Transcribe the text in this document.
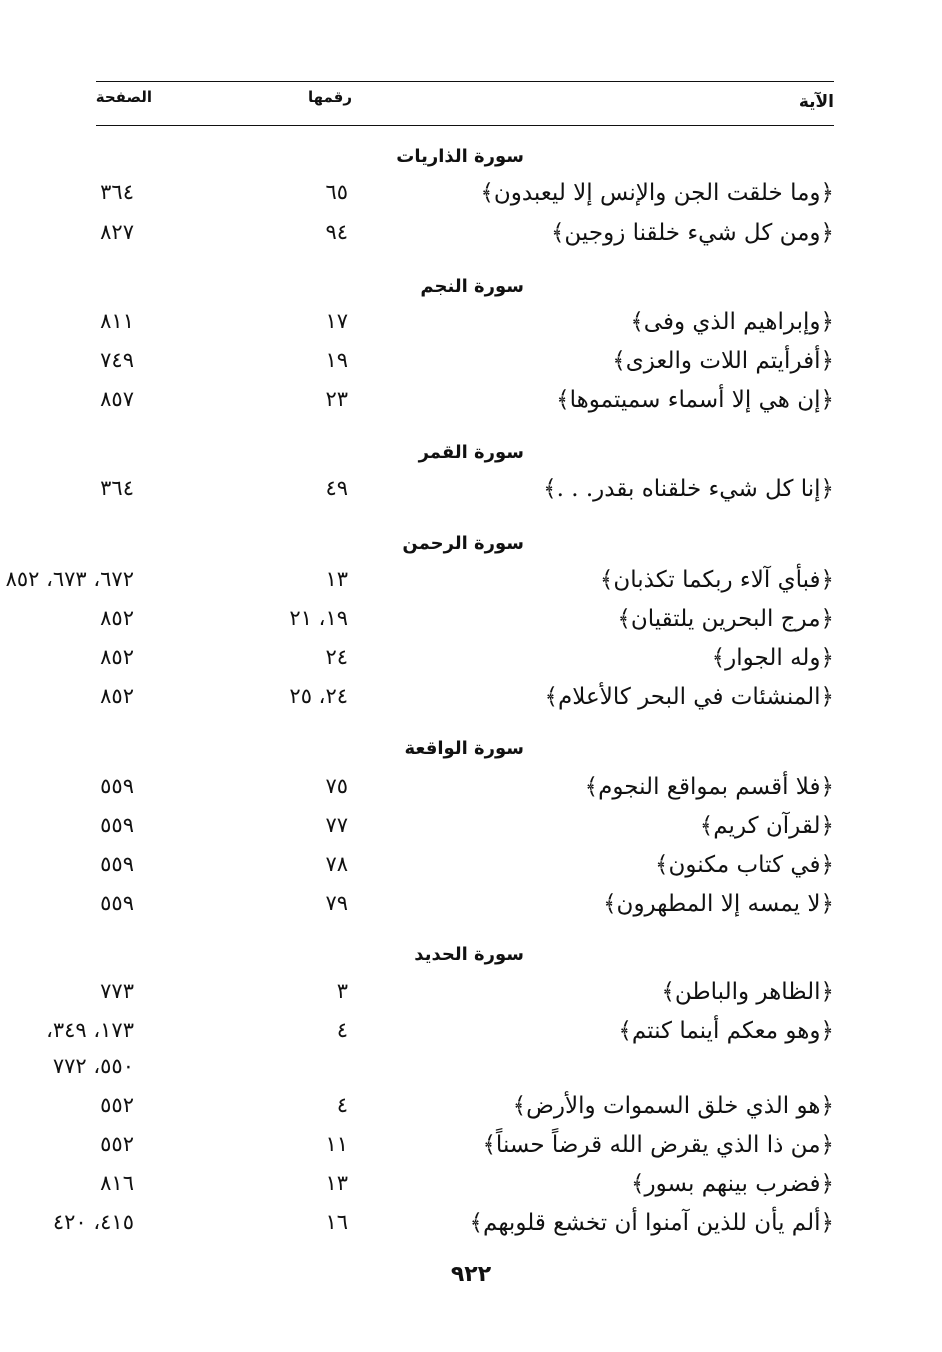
الآية
رقمها
الصفحة
سورة الذاريات
﴿وما خلقت الجن والإنس إلا ليعبدون﴾
٦٥
٣٦٤
﴿ومن كل شيء خلقنا زوجين﴾
٩٤
٨٢٧
سورة النجم
﴿وإبراهيم الذي وفى﴾
١٧
٨١١
﴿أفرأيتم اللات والعزى﴾
١٩
٧٤٩
﴿إن هي إلا أسماء سميتموها﴾
٢٣
٨٥٧
سورة القمر
﴿إنا كل شيء خلقناه بقدر. . .﴾
٤٩
٣٦٤
سورة الرحمن
﴿فبأي آلاء ربكما تكذبان﴾
١٣
٦٧٢، ٦٧٣، ٨٥٢
﴿مرج البحرين يلتقيان﴾
١٩، ٢١
٨٥٢
﴿وله الجوار﴾
٢٤
٨٥٢
﴿المنشئات في البحر كالأعلام﴾
٢٤، ٢٥
٨٥٢
سورة الواقعة
﴿فلا أقسم بمواقع النجوم﴾
٧٥
٥٥٩
﴿لقرآن كريم﴾
٧٧
٥٥٩
﴿في كتاب مكنون﴾
٧٨
٥٥٩
﴿لا يمسه إلا المطهرون﴾
٧٩
٥٥٩
سورة الحديد
﴿الظاهر والباطن﴾
٣
٧٧٣
﴿وهو معكم أينما كنتم﴾
٤
١٧٣، ٣٤٩،
٥٥٠، ٧٧٢
﴿هو الذي خلق السموات والأرض﴾
٤
٥٥٢
﴿من ذا الذي يقرض الله قرضاً حسناً﴾
١١
٥٥٢
﴿فضرب بينهم بسور﴾
١٣
٨١٦
﴿ألم يأن للذين آمنوا أن تخشع قلوبهم﴾
١٦
٤١٥، ٤٢٠
٩٢٢
